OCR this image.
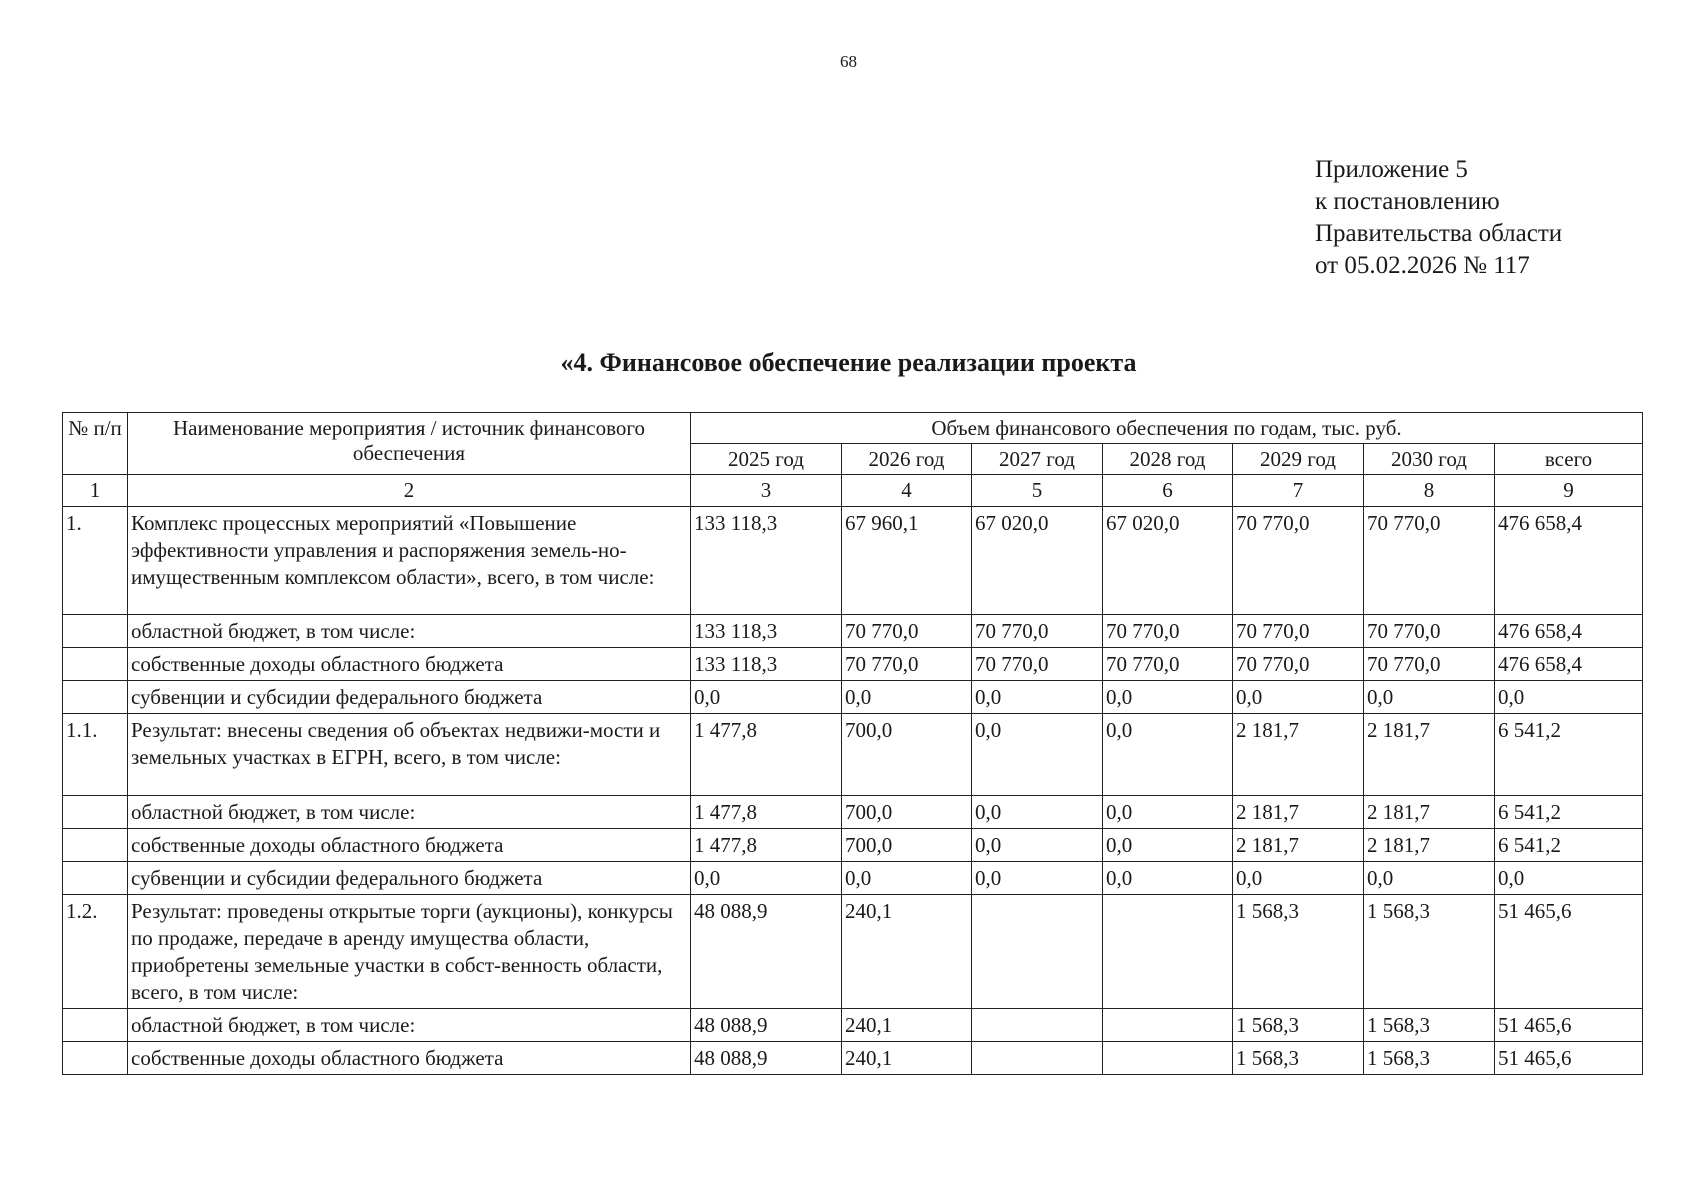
68
Приложение 5
к постановлению
Правительства области
от 05.02.2026 № 117
«4. Финансовое обеспечение реализации проекта
№ п/п	Наименование мероприятия / источник финансового обеспечения	Объем финансового обеспечения по годам, тыс. руб.						
		2025 год	2026 год	2027 год	2028 год	2029 год	2030 год	всего
1	2	3	4	5	6	7	8	9
1.	Комплекс процессных мероприятий «Повышение эффективности управления и распоряжения земель-но-имущественным комплексом области», всего, в том числе:	133 118,3	67 960,1	67 020,0	67 020,0	70 770,0	70 770,0	476 658,4
	областной бюджет, в том числе:	133 118,3	70 770,0	70 770,0	70 770,0	70 770,0	70 770,0	476 658,4
	собственные доходы областного бюджета	133 118,3	70 770,0	70 770,0	70 770,0	70 770,0	70 770,0	476 658,4
	субвенции и субсидии федерального бюджета	0,0	0,0	0,0	0,0	0,0	0,0	0,0
1.1.	Результат: внесены сведения об объектах недвижи-мости и земельных участках в ЕГРН, всего, в том числе:	1 477,8	700,0	0,0	0,0	2 181,7	2 181,7	6 541,2
	областной бюджет, в том числе:	1 477,8	700,0	0,0	0,0	2 181,7	2 181,7	6 541,2
	собственные доходы областного бюджета	1 477,8	700,0	0,0	0,0	2 181,7	2 181,7	6 541,2
	субвенции и субсидии федерального бюджета	0,0	0,0	0,0	0,0	0,0	0,0	0,0
1.2.	Результат: проведены открытые торги (аукционы), конкурсы по продаже, передаче в аренду имущества области, приобретены земельные участки в собст-венность области, всего, в том числе:	48 088,9	240,1			1 568,3	1 568,3	51 465,6
	областной бюджет, в том числе:	48 088,9	240,1			1 568,3	1 568,3	51 465,6
	собственные доходы областного бюджета	48 088,9	240,1			1 568,3	1 568,3	51 465,6
